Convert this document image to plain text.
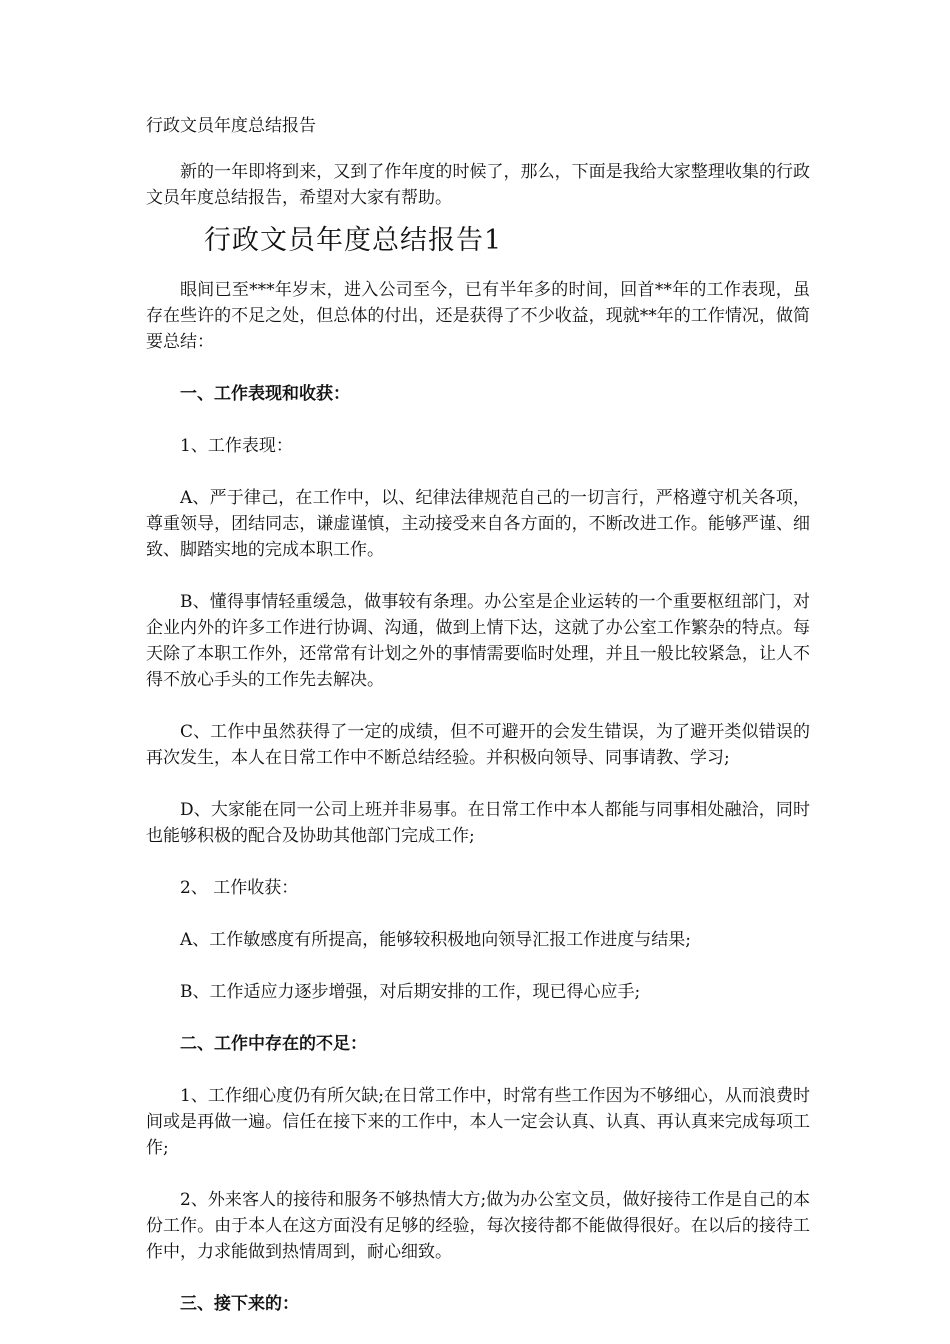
行政文员年度总结报告

新的一年即将到来，又到了作年度的时候了，那么，下面是我给大家整理收集的行政文员年度总结报告，希望对大家有帮助。

行政文员年度总结报告1

眼间已至***年岁末，进入公司至今，已有半年多的时间，回首**年的工作表现，虽存在些许的不足之处，但总体的付出，还是获得了不少收益，现就**年的工作情况，做简要总结：

一、工作表现和收获：

1、工作表现：

A、严于律己，在工作中，以、纪律法律规范自己的一切言行，严格遵守机关各项，尊重领导，团结同志，谦虚谨慎，主动接受来自各方面的，不断改进工作。能够严谨、细致、脚踏实地的完成本职工作。

B、懂得事情轻重缓急，做事较有条理。办公室是企业运转的一个重要枢纽部门，对企业内外的许多工作进行协调、沟通，做到上情下达，这就了办公室工作繁杂的特点。每天除了本职工作外，还常常有计划之外的事情需要临时处理，并且一般比较紧急，让人不得不放心手头的工作先去解决。

C、工作中虽然获得了一定的成绩，但不可避开的会发生错误，为了避开类似错误的再次发生，本人在日常工作中不断总结经验。并积极向领导、同事请教、学习;

D、大家能在同一公司上班并非易事。在日常工作中本人都能与同事相处融洽，同时也能够积极的配合及协助其他部门完成工作;

2、 工作收获：

A、工作敏感度有所提高，能够较积极地向领导汇报工作进度与结果;

B、工作适应力逐步增强，对后期安排的工作，现已得心应手;

二、工作中存在的不足：

1、工作细心度仍有所欠缺;在日常工作中，时常有些工作因为不够细心，从而浪费时间或是再做一遍。信任在接下来的工作中，本人一定会认真、认真、再认真来完成每项工作;

2、外来客人的接待和服务不够热情大方;做为办公室文员，做好接待工作是自己的本份工作。由于本人在这方面没有足够的经验，每次接待都不能做得很好。在以后的接待工作中，力求能做到热情周到，耐心细致。

三、接下来的：
